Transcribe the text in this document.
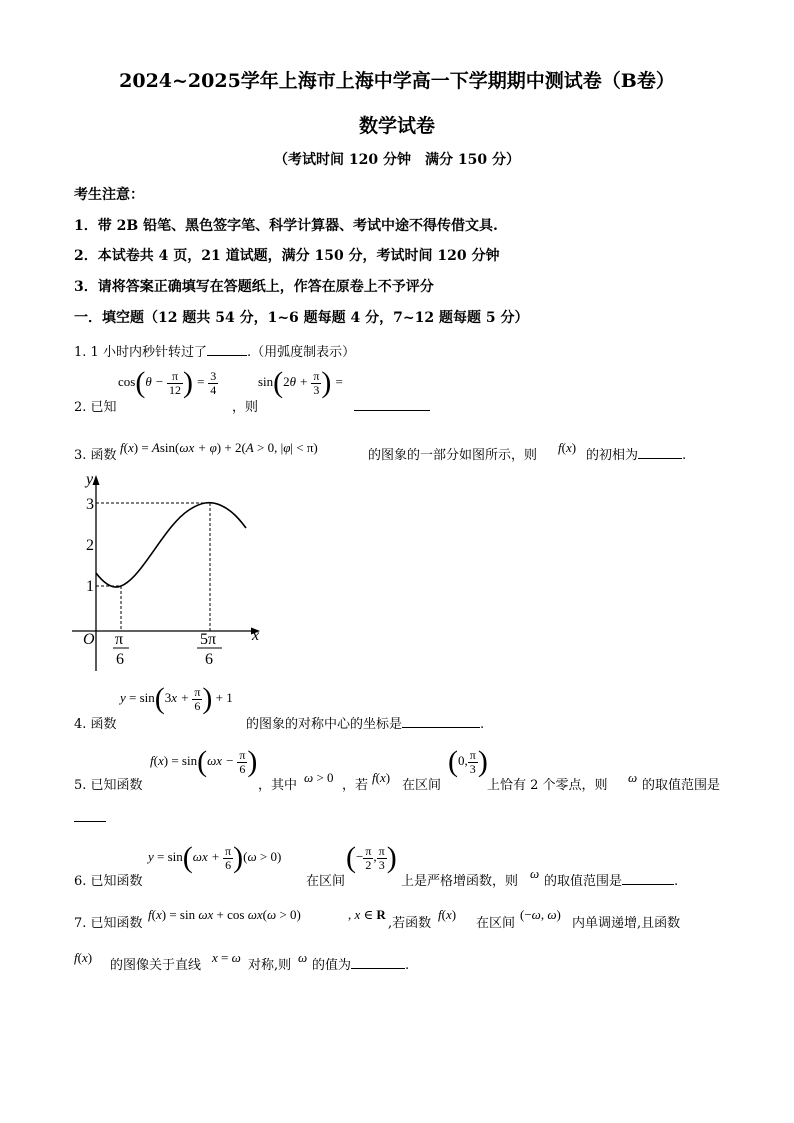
2024~2025学年上海市上海中学高一下学期期中测试卷（B卷）
数学试卷
（考试时间 120 分钟　满分 150 分）
考生注意：
1．带 2B 铅笔、黑色签字笔、科学计算器、考试中途不得传借文具.
2．本试卷共 4 页，21 道试题，满分 150 分，考试时间 120 分钟
3．请将答案正确填写在答题纸上，作答在原卷上不予评分
一．填空题（12 题共 54 分，1~6 题每题 4 分，7~12 题每题 5 分）
1. 1 小时内秒针转过了	.（用弧度制表示）
2. 已知
$\cos(\theta - \frac{\pi}{12}$ ) = $\frac{3}{4}$
，则
$\sin(2\theta + \frac{\pi}{3}$ ) =
3. 函数
f(x) = Asin(ωx + φ) + 2(A > 0, |φ| < π)
的图象的一部分如图所示，则
f(x)
的初相为	.
y
x
O
3
2
1
π
6
5π
6
$y = \sin(3x + \frac{\pi}{6}$ ) + 1
4. 函数	的图象的对称中心的坐标是	.
5. 已知函数
$f(x) = \sin(\omega x - \frac{\pi}{6}$ )
，其中
ω > 0
，若
f(x)
在区间
(0, $\frac{\pi}{3}$ )
上恰有 2 个零点，则
ω
的取值范围是
$y = \sin(\omega x + \frac{\pi}{6} )(\omega > 0)$
6. 已知函数	在区间
(− $\frac{\pi}{2}$ , $\frac{\pi}{3}$ )
上是严格增函数，则
ω
的取值范围是	.
7. 已知函数
f(x) = sin ωx + cos ωx(ω > 0)	, x ∈ R
,若函数
f(x)
在区间
(−ω, ω)
内单调递增,且函数
f(x)
的图像关于直线
x = ω
对称,则
ω
的值为	.
